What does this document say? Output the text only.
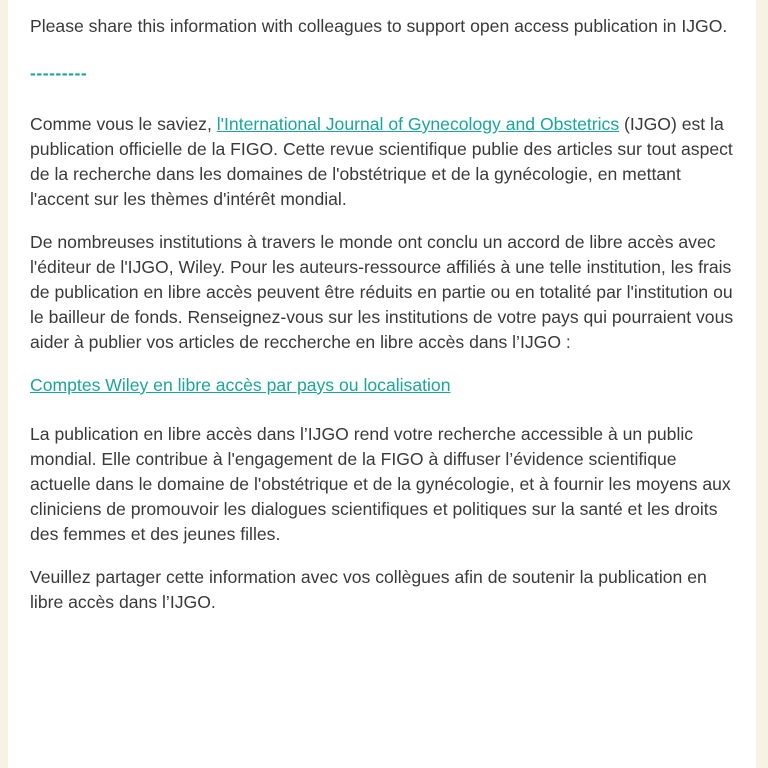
Please share this information with colleagues to support open access publication in IJGO.

---------

Comme vous le saviez, l'International Journal of Gynecology and Obstetrics (IJGO) est la publication officielle de la FIGO. Cette revue scientifique publie des articles sur tout aspect de la recherche dans les domaines de l'obstétrique et de la gynécologie, en mettant l'accent sur les thèmes d'intérêt mondial.

De nombreuses institutions à travers le monde ont conclu un accord de libre accès avec l'éditeur de l'IJGO, Wiley. Pour les auteurs-ressource affiliés à une telle institution, les frais de publication en libre accès peuvent être réduits en partie ou en totalité par l'institution ou le bailleur de fonds. Renseignez-vous sur les institutions de votre pays qui pourraient vous aider à publier vos articles de reccherche en libre accès dans l’IJGO :

Comptes Wiley en libre accès par pays ou localisation

La publication en libre accès dans l’IJGO rend votre recherche accessible à un public mondial. Elle contribue à l'engagement de la FIGO à diffuser l’évidence scientifique actuelle dans le domaine de l'obstétrique et de la gynécologie, et à fournir les moyens aux cliniciens de promouvoir les dialogues scientifiques et politiques sur la santé et les droits des femmes et des jeunes filles.

Veuillez partager cette information avec vos collègues afin de soutenir la publication en libre accès dans l’IJGO.
